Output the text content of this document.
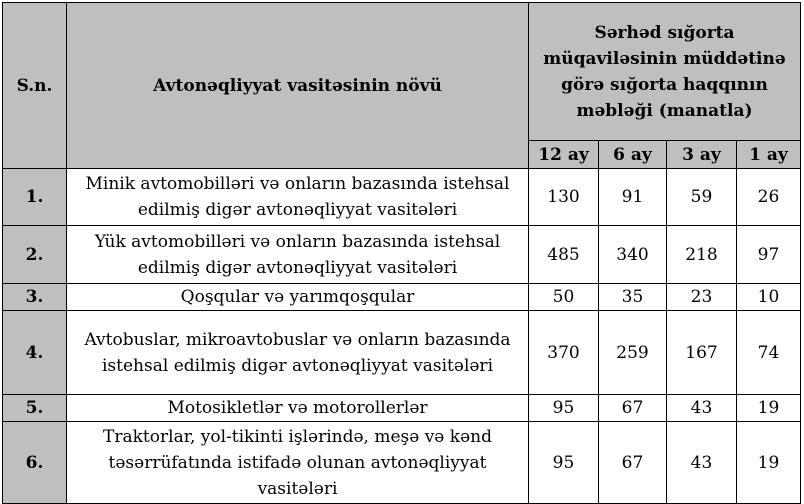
S.n.	Avtonəqliyyat vasitəsinin növü	Sərhəd sığorta müqaviləsinin müddətinə görə sığorta haqqının məbləği (manatla)			
		12 ay	6 ay	3 ay	1 ay
1.	Minik avtomobilləri və onların bazasında istehsal edilmiş digər avtonəqliyyat vasitələri	130	91	59	26
2.	Yük avtomobilləri və onların bazasında istehsal edilmiş digər avtonəqliyyat vasitələri	485	340	218	97
3.	Qoşqular və yarımqoşqular	50	35	23	10
4.	Avtobuslar, mikroavtobuslar və onların bazasında istehsal edilmiş digər avtonəqliyyat vasitələri	370	259	167	74
5.	Motosikletlər və motorollerlər	95	67	43	19
6.	Traktorlar, yol-tikinti işlərində, meşə və kənd təsərrüfatında istifadə olunan avtonəqliyyat vasitələri	95	67	43	19
